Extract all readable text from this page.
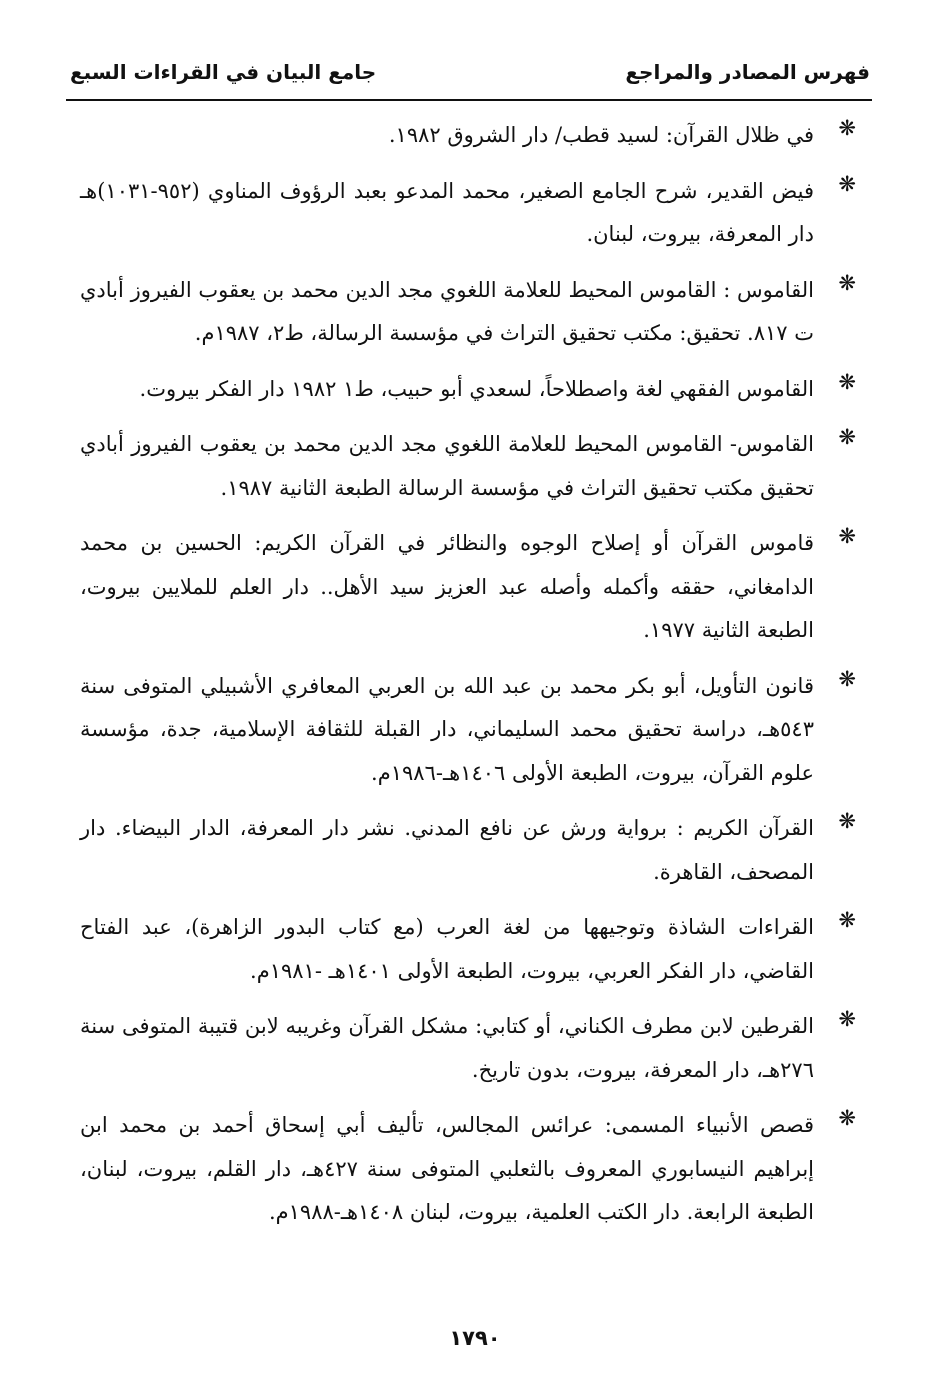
فهرس المصادر والمراجع
جامع البيان في القراءات السبع
❋
في ظلال القرآن: لسيد قطب/ دار الشروق ١٩٨٢.
❋
فيض القدير، شرح الجامع الصغير، محمد المدعو بعبد الرؤوف المناوي (٩٥٢-١٠٣١)هـ دار المعرفة، بيروت، لبنان.
❋
القاموس : القاموس المحيط للعلامة اللغوي مجد الدين محمد بن يعقوب الفيروز أبادي ت ٨١٧. تحقيق: مكتب تحقيق التراث في مؤسسة الرسالة، ط٢، ١٩٨٧م.
❋
القاموس الفقهي لغة واصطلاحاً، لسعدي أبو حبيب، ط١ ١٩٨٢ دار الفكر بيروت.
❋
القاموس- القاموس المحيط للعلامة اللغوي مجد الدين محمد بن يعقوب الفيروز أبادي تحقيق مكتب تحقيق التراث في مؤسسة الرسالة الطبعة الثانية ١٩٨٧.
❋
قاموس القرآن أو إصلاح الوجوه والنظائر في القرآن الكريم: الحسين بن محمد الدامغاني، حققه وأكمله وأصله عبد العزيز سيد الأهل.. دار العلم للملايين بيروت، الطبعة الثانية ١٩٧٧.
❋
قانون التأويل، أبو بكر محمد بن عبد الله بن العربي المعافري الأشبيلي المتوفى سنة ٥٤٣هـ، دراسة تحقيق محمد السليماني، دار القبلة للثقافة الإسلامية، جدة، مؤسسة علوم القرآن، بيروت، الطبعة الأولى ١٤٠٦هـ-١٩٨٦م.
❋
القرآن الكريم : برواية ورش عن نافع المدني. نشر دار المعرفة، الدار البيضاء. دار المصحف، القاهرة.
❋
القراءات الشاذة وتوجيهها من لغة العرب (مع كتاب البدور الزاهرة)، عبد الفتاح القاضي، دار الفكر العربي، بيروت، الطبعة الأولى ١٤٠١هـ -١٩٨١م.
❋
القرطين لابن مطرف الكناني، أو كتابي: مشكل القرآن وغريبه لابن قتيبة المتوفى سنة ٢٧٦هـ، دار المعرفة، بيروت، بدون تاريخ.
❋
قصص الأنبياء المسمى: عرائس المجالس، تأليف أبي إسحاق أحمد بن محمد ابن إبراهيم النيسابوري المعروف بالثعلبي المتوفى سنة ٤٢٧هـ، دار القلم، بيروت، لبنان، الطبعة الرابعة. دار الكتب العلمية، بيروت، لبنان ١٤٠٨هـ-١٩٨٨م.
١٧٩٠
